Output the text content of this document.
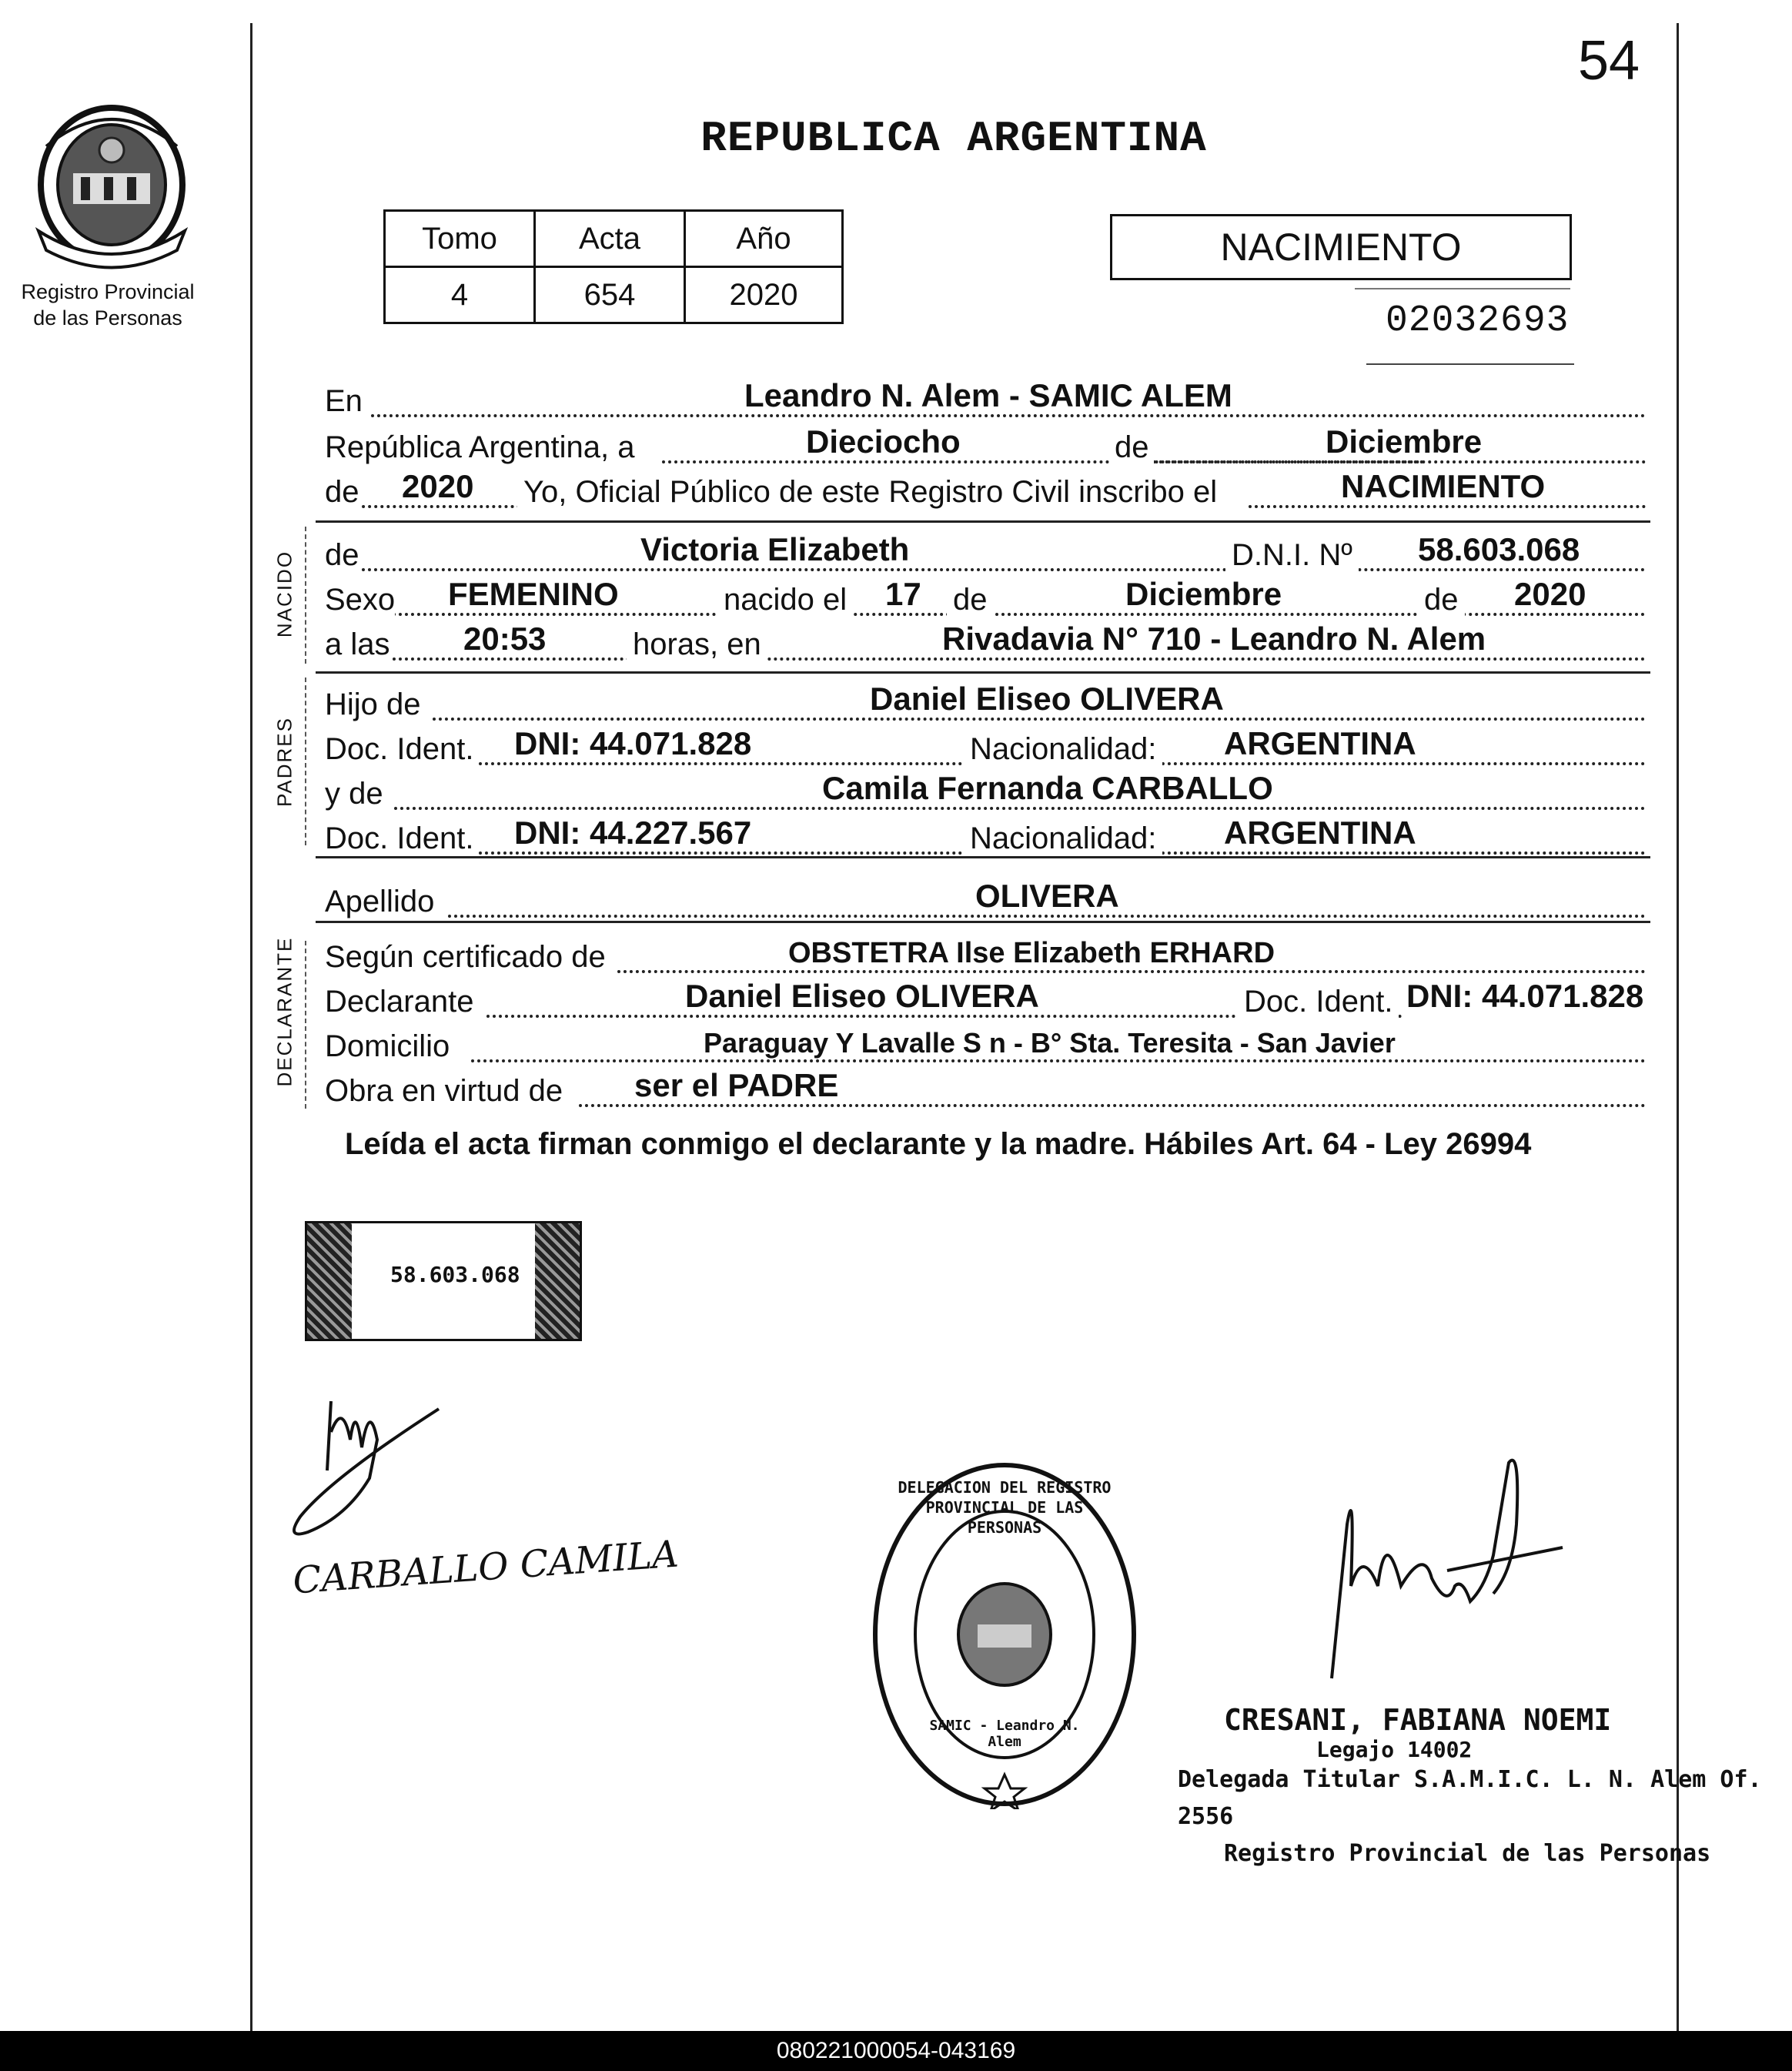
54
Registro Provincial
de las Personas
REPUBLICA ARGENTINA
Tomo	Acta	Año
4	654	2020
NACIMIENTO
02032693
En	Leandro N. Alem - SAMIC ALEM
República Argentina, a	Dieciocho	de	Diciembre
de 2020 Yo, Oficial Público de este Registro Civil inscribo el	NACIMIENTO
NACIDO de	Victoria Elizabeth	D.N.I. Nº 58.603.068
Sexo FEMENINO	nacido el 17 de	Diciembre	de 2020
a las 20:53	horas, en	Rivadavia N° 710 - Leandro N. Alem
PADRES
Hijo de	Daniel Eliseo OLIVERA
Doc. Ident. DNI: 44.071.828	Nacionalidad: ARGENTINA
y de	Camila Fernanda CARBALLO
Doc. Ident. DNI: 44.227.567	Nacionalidad: ARGENTINA
Apellido	OLIVERA
DECLARANTE Según certificado de	OBSTETRA Ilse Elizabeth ERHARD
Declarante	Daniel Eliseo OLIVERA	Doc. Ident. DNI: 44.071.828
Domicilio	Paraguay Y Lavalle S n - B° Sta. Teresita - San Javier
Obra en virtud de ser el PADRE
Leída el acta firman conmigo el declarante y la madre. Hábiles Art. 64 - Ley 26994
58.603.068
CARBALLO CAMILA
DELEGACION DEL REGISTRO PROVINCIAL DE LAS PERSONAS
SAMIC - Leandro N. Alem
CRESANI, FABIANA NOEMI
Legajo 14002
Delegada Titular S.A.M.I.C. L. N. Alem Of. 2556
Registro Provincial de las Personas
080221000054-043169
